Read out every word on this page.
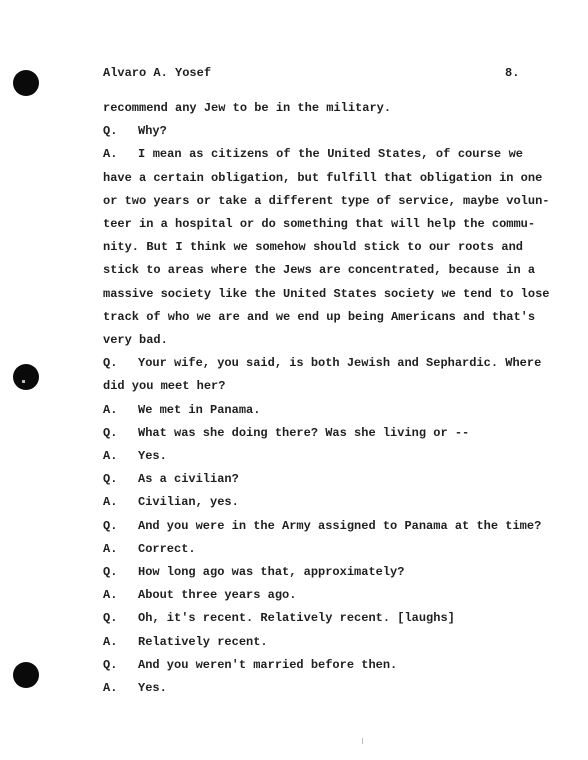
Alvaro A. Yosef	8.
recommend any Jew to be in the military.
Q. Why?
A. I mean as citizens of the United States, of course we
have a certain obligation, but fulfill that obligation in one
or two years or take a different type of service, maybe volun-
teer in a hospital or do something that will help the commu-
nity. But I think we somehow should stick to our roots and
stick to areas where the Jews are concentrated, because in a
massive society like the United States society we tend to lose
track of who we are and we end up being Americans and that's
very bad.
Q. Your wife, you said, is both Jewish and Sephardic. Where
did you meet her?
A. We met in Panama.
Q. What was she doing there? Was she living or --
A. Yes.
Q. As a civilian?
A. Civilian, yes.
Q. And you were in the Army assigned to Panama at the time?
A. Correct.
Q. How long ago was that, approximately?
A. About three years ago.
Q. Oh, it's recent. Relatively recent. [laughs]
A. Relatively recent.
Q. And you weren't married before then.
A. Yes.
